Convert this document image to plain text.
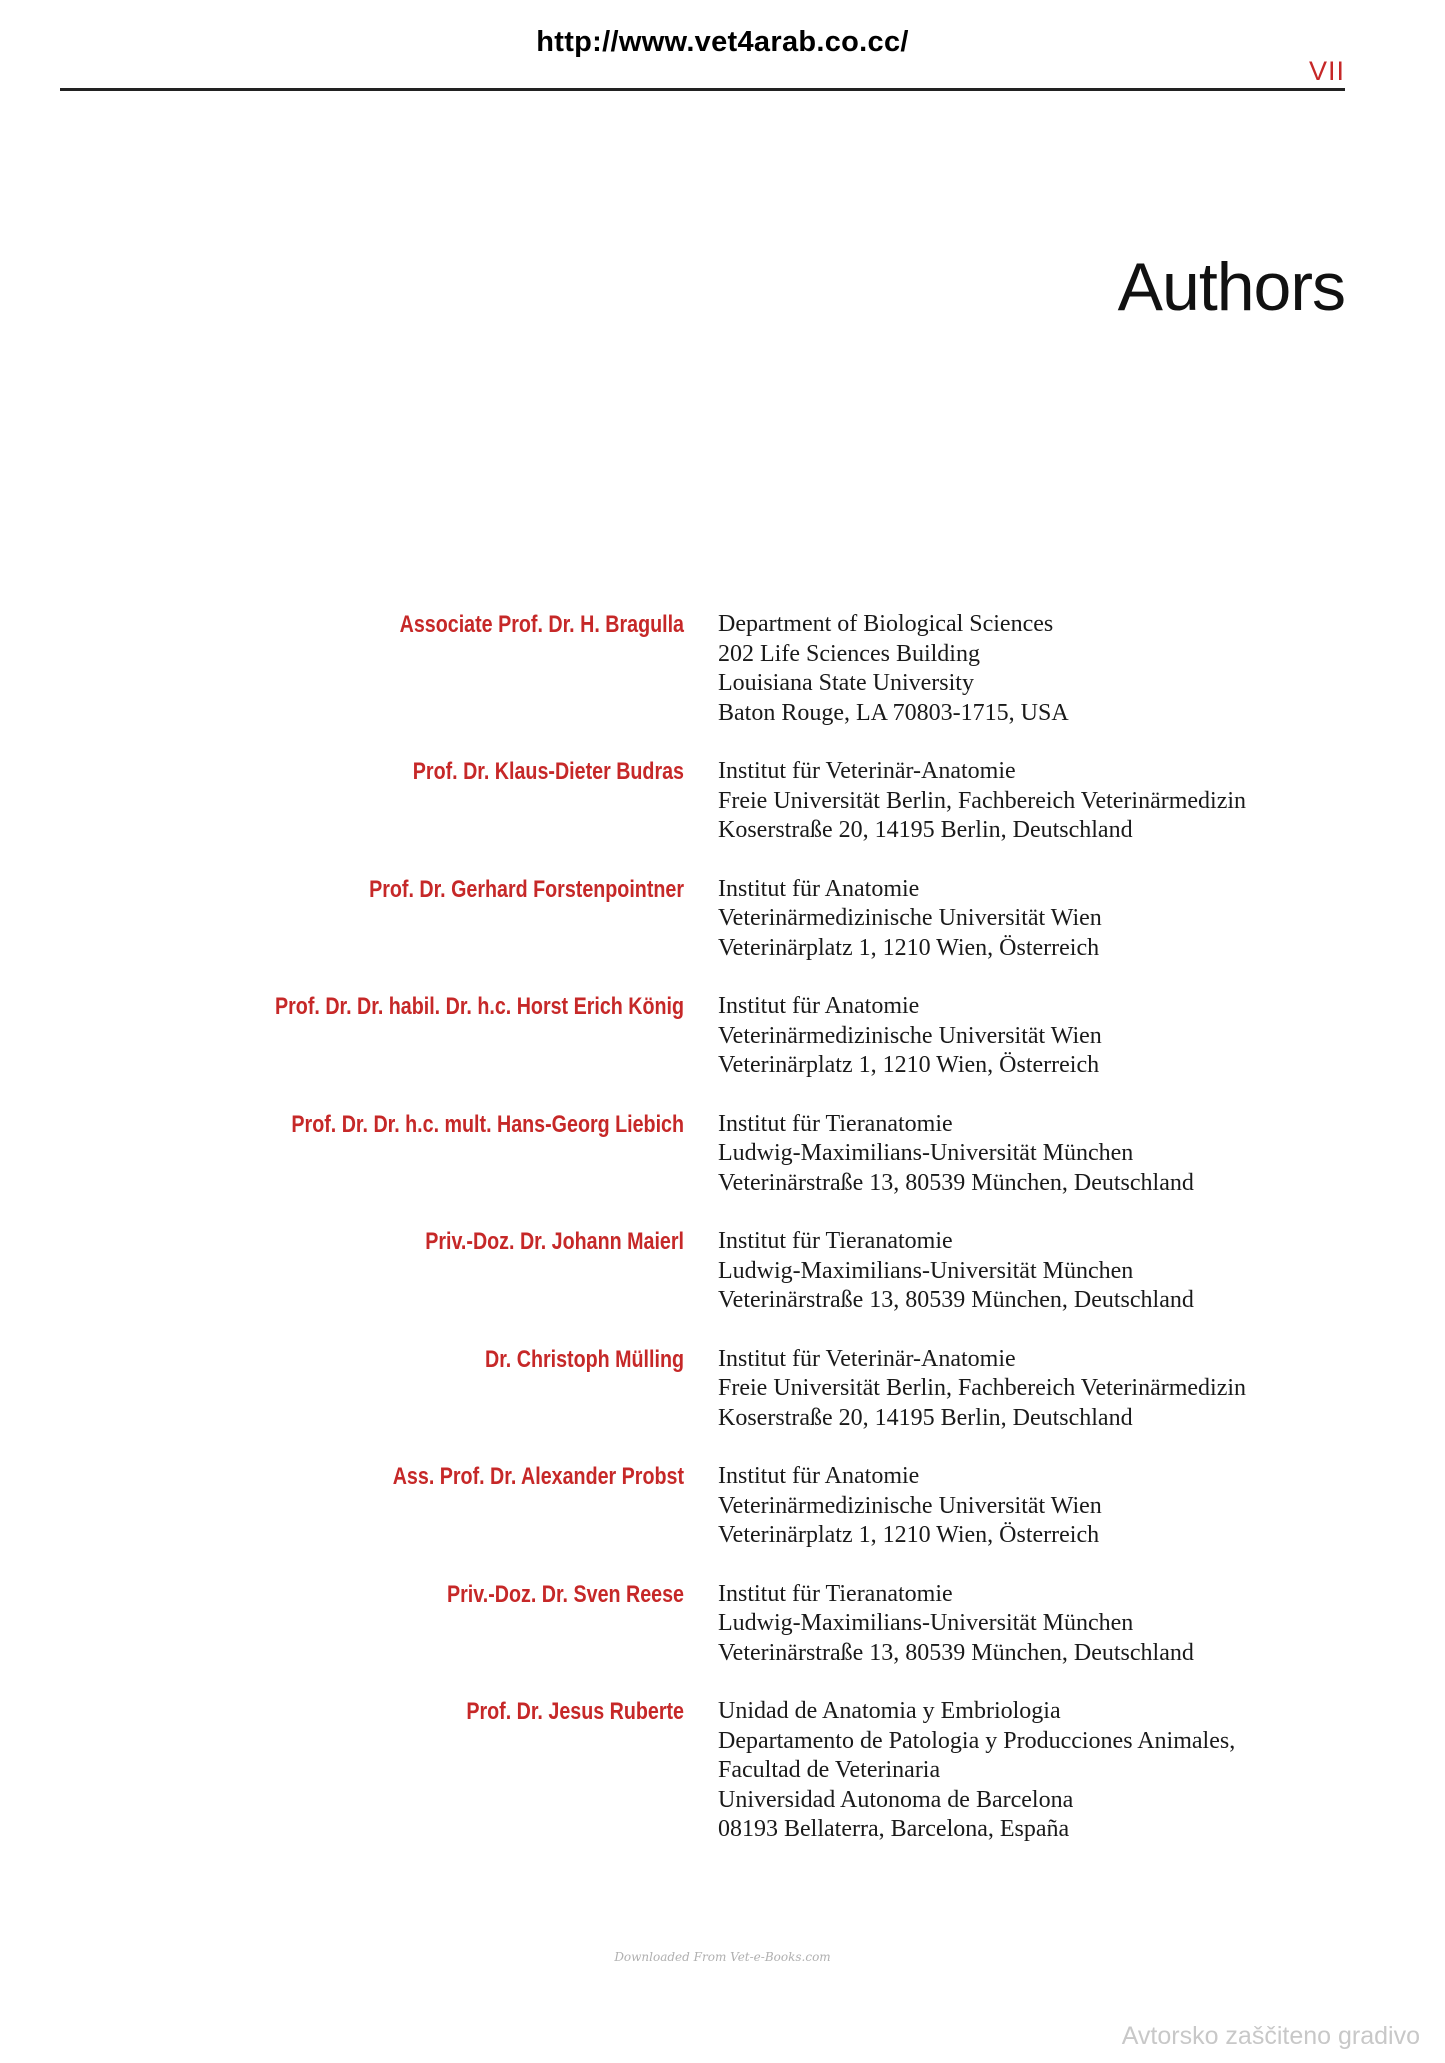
http://www.vet4arab.co.cc/
VII
Authors
Associate Prof. Dr. H. Bragulla Department of Biological Sciences
202 Life Sciences Building
Louisiana State University
Baton Rouge, LA 70803-1715, USA
Prof. Dr. Klaus-Dieter Budras Institut für Veterinär-Anatomie
Freie Universität Berlin, Fachbereich Veterinärmedizin
Koserstraße 20, 14195 Berlin, Deutschland
Prof. Dr. Gerhard Forstenpointner Institut für Anatomie
Veterinärmedizinische Universität Wien
Veterinärplatz 1, 1210 Wien, Österreich
Prof. Dr. Dr. habil. Dr. h.c. Horst Erich König Institut für Anatomie
Veterinärmedizinische Universität Wien
Veterinärplatz 1, 1210 Wien, Österreich
Prof. Dr. Dr. h.c. mult. Hans-Georg Liebich Institut für Tieranatomie
Ludwig-Maximilians-Universität München
Veterinärstraße 13, 80539 München, Deutschland
Priv.-Doz. Dr. Johann Maierl Institut für Tieranatomie
Ludwig-Maximilians-Universität München
Veterinärstraße 13, 80539 München, Deutschland
Dr. Christoph Mülling Institut für Veterinär-Anatomie
Freie Universität Berlin, Fachbereich Veterinärmedizin
Koserstraße 20, 14195 Berlin, Deutschland
Ass. Prof. Dr. Alexander Probst Institut für Anatomie
Veterinärmedizinische Universität Wien
Veterinärplatz 1, 1210 Wien, Österreich
Priv.-Doz. Dr. Sven Reese Institut für Tieranatomie
Ludwig-Maximilians-Universität München
Veterinärstraße 13, 80539 München, Deutschland
Prof. Dr. Jesus Ruberte Unidad de Anatomia y Embriologia
Departamento de Patologia y Producciones Animales,
Facultad de Veterinaria
Universidad Autonoma de Barcelona
08193 Bellaterra, Barcelona, España
Downloaded From Vet-e-Books.com
Avtorsko zaščiteno gradivo
